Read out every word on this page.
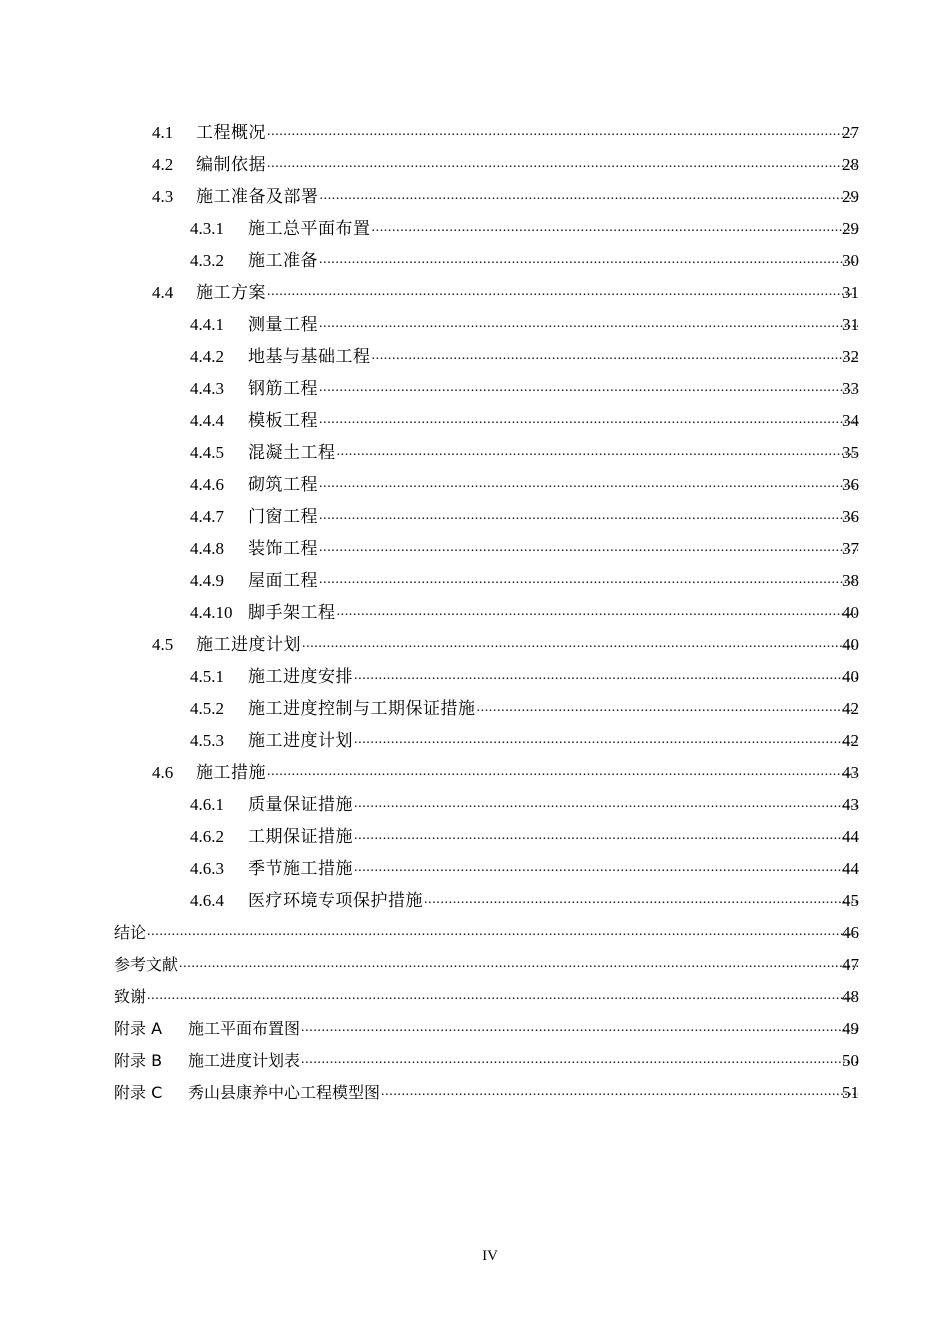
4.1	工程概况 .....	27
4.2	编制依据 .....	28
4.3	施工准备及部署 .....	29
4.3.1	施工总平面布置 .....	29
4.3.2	施工准备 .....	30
4.4	施工方案 .....	31
4.4.1	测量工程 .....	31
4.4.2	地基与基础工程 .....	32
4.4.3	钢筋工程 .....	33
4.4.4	模板工程 .....	34
4.4.5	混凝土工程 .....	35
4.4.6	砌筑工程 .....	36
4.4.7	门窗工程 .....	36
4.4.8	装饰工程 .....	37
4.4.9	屋面工程 .....	38
4.4.10 脚手架工程 .....	40
4.5	施工进度计划 .....	40
4.5.1	施工进度安排 .....	40
4.5.2	施工进度控制与工期保证措施 .....	42
4.5.3	施工进度计划 .....	42
4.6	施工措施 .....	43
4.6.1	质量保证措施 .....	43
4.6.2	工期保证措施 .....	44
4.6.3	季节施工措施 .....	44
4.6.4	医疗环境专项保护措施 .....	45
结论 .....	46
参考文献 .....	47
致谢 .....	48
附录 A	施工平面布置图 .....	49
附录 B	施工进度计划表 .....	50
附录 C	秀山县康养中心工程模型图 .....	51
IV
